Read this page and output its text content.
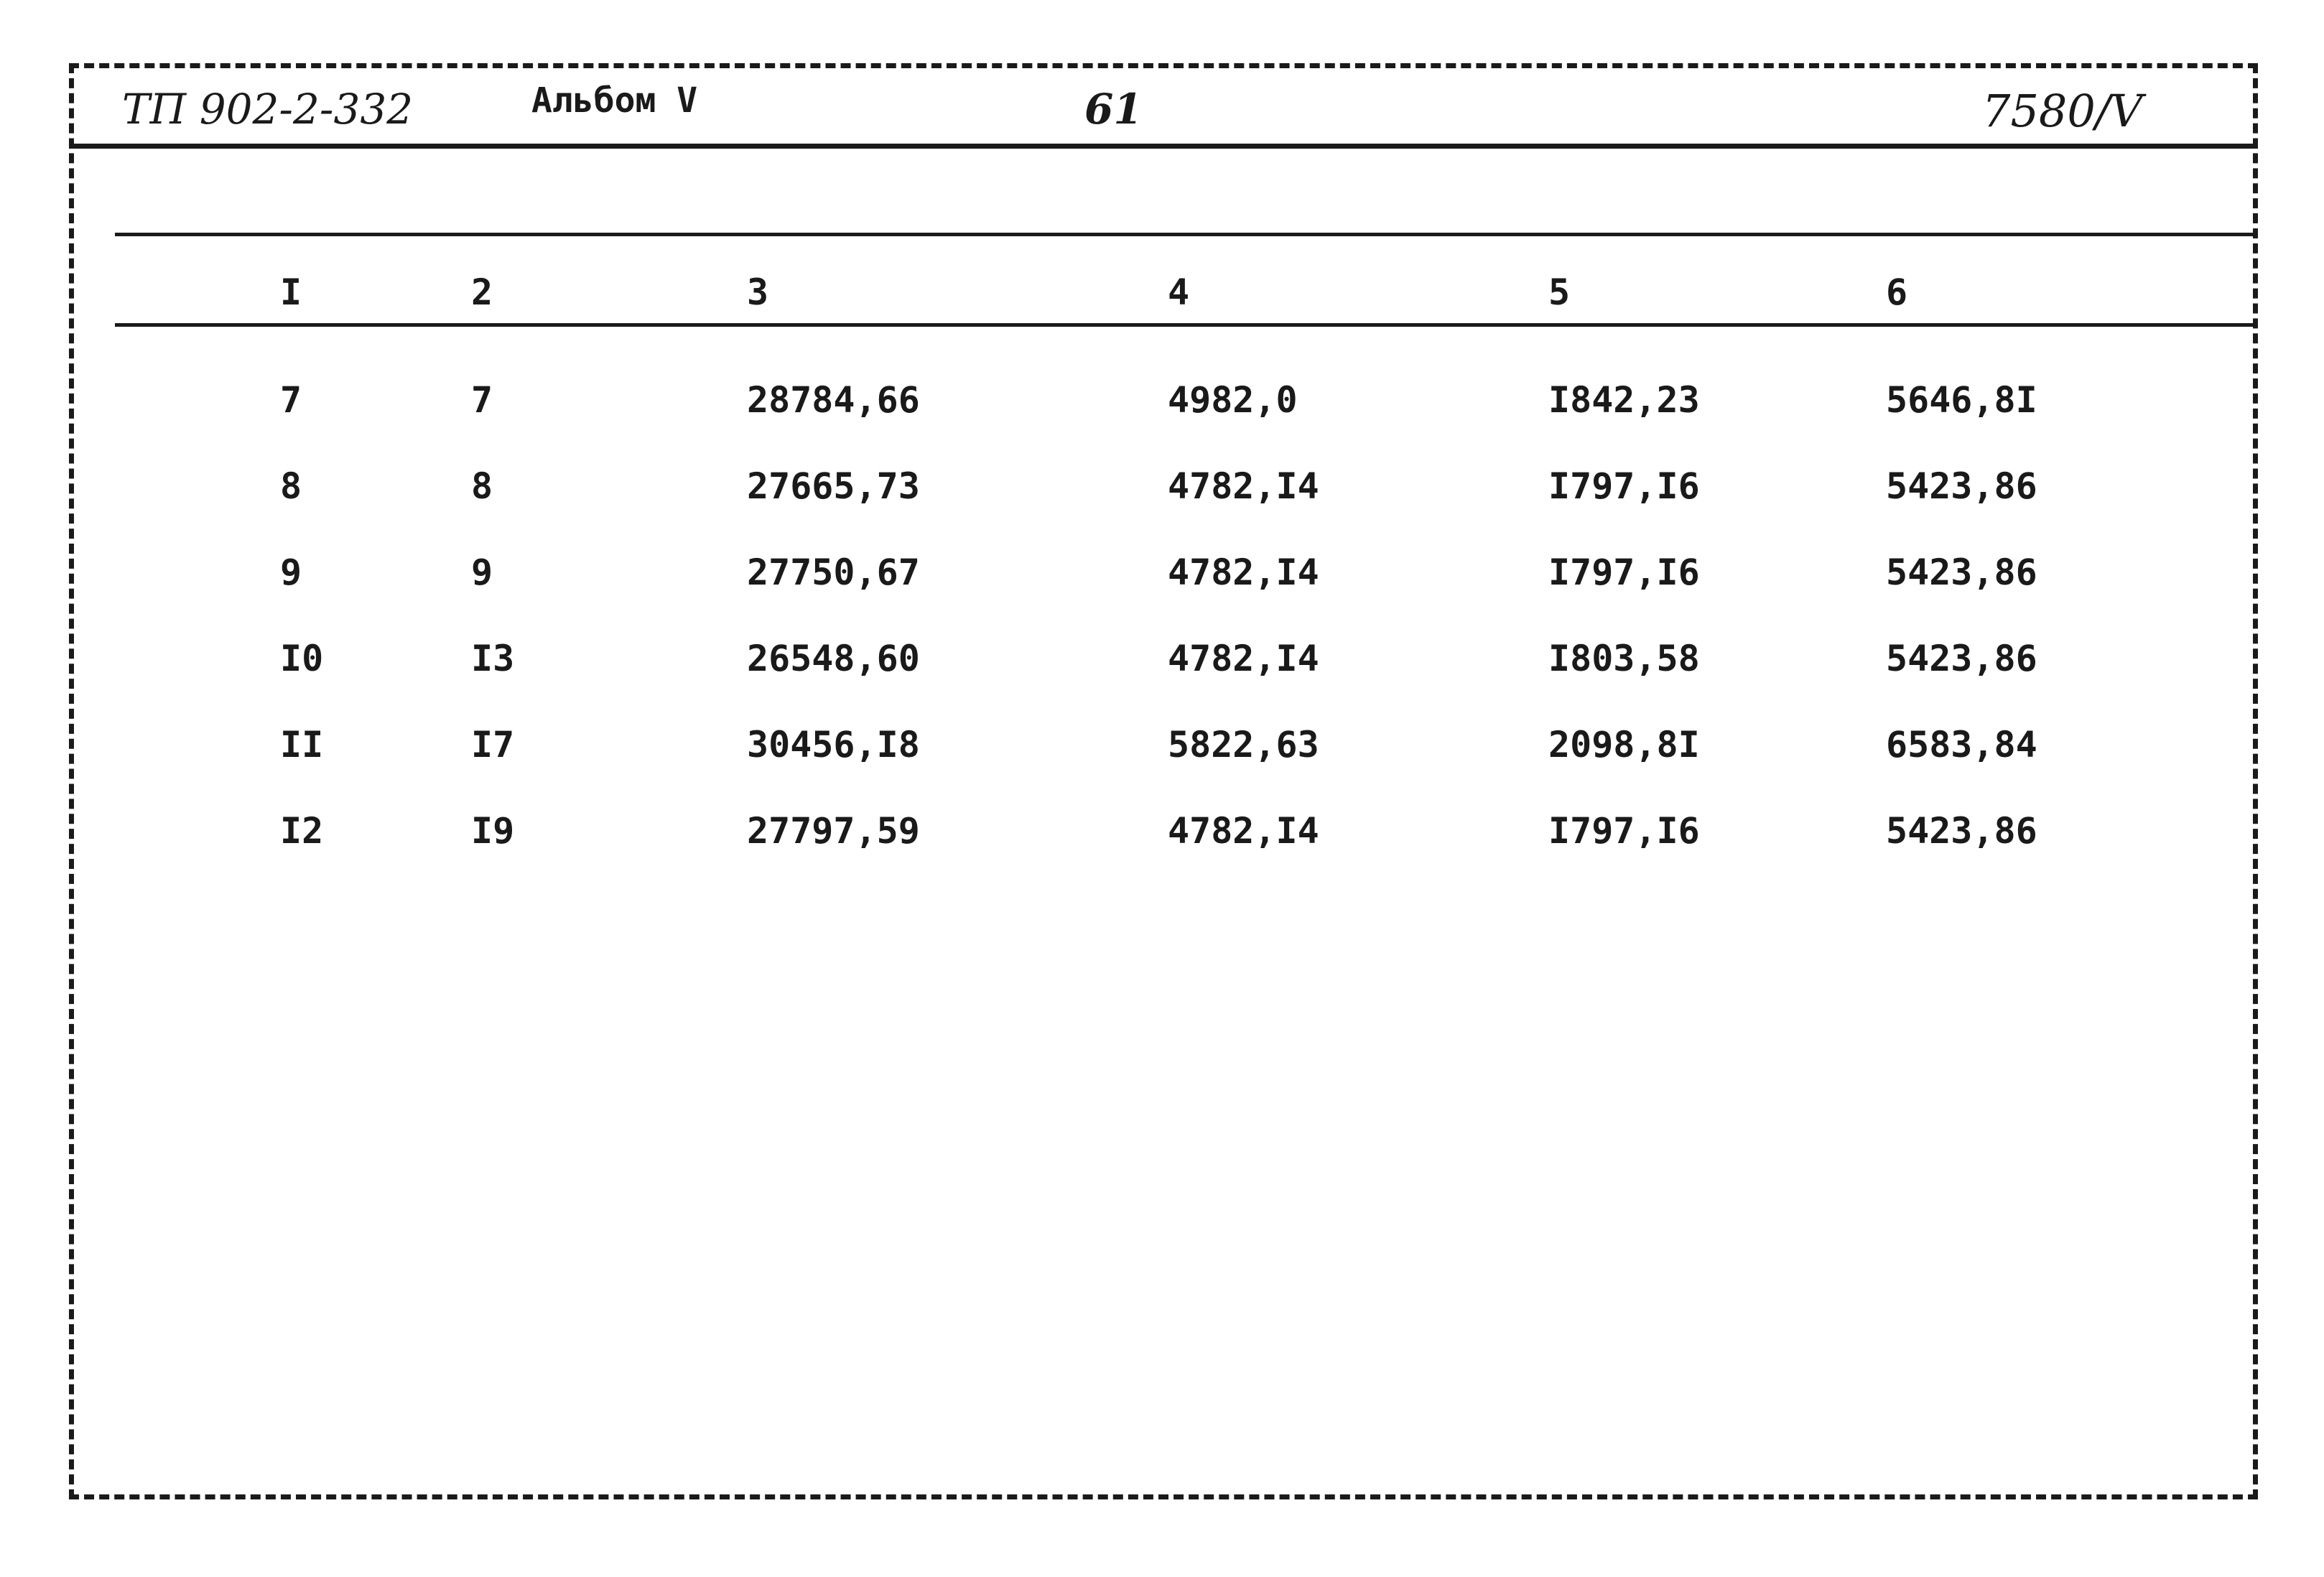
ТП 902-2-332	Альбом V	61	7580/V
I	2	3	4	5	6
7	7	28784,66	4982,0	I842,23	5646,8I
8	8	27665,73	4782,I4	I797,I6	5423,86
9	9	27750,67	4782,I4	I797,I6	5423,86
I0	I3	26548,60	4782,I4	I803,58	5423,86
II	I7	30456,I8	5822,63	2098,8I	6583,84
I2	I9	27797,59	4782,I4	I797,I6	5423,86
